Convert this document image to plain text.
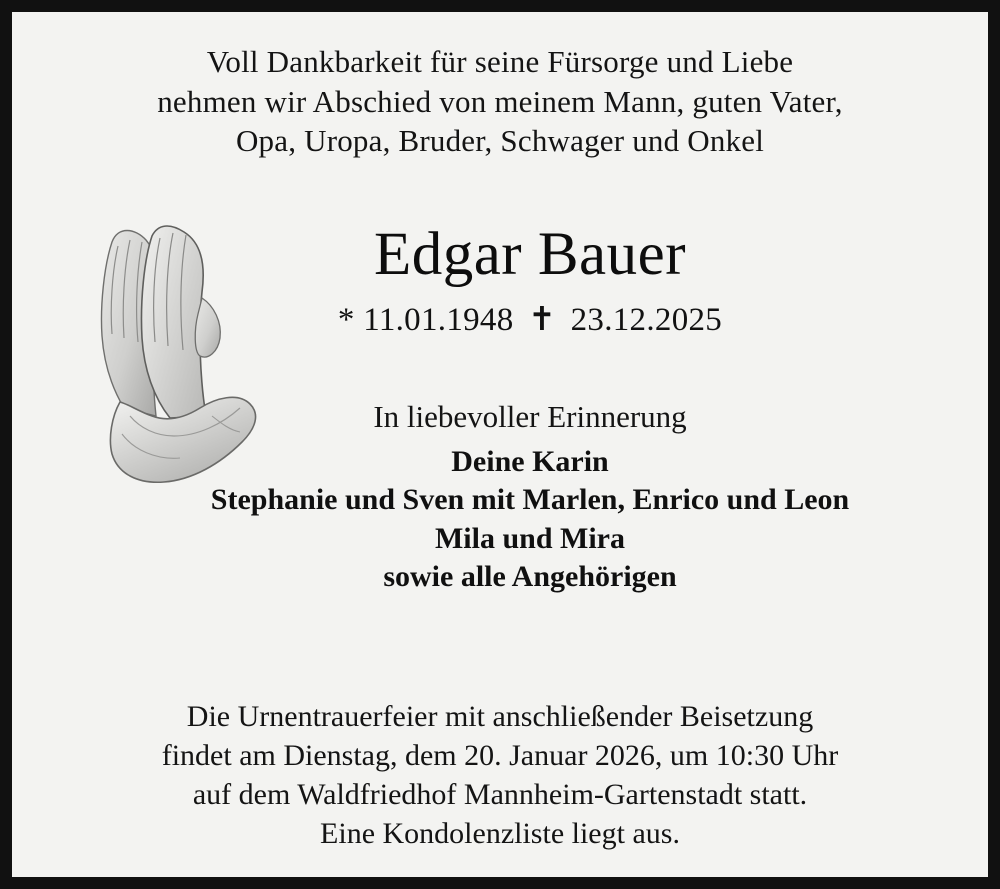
Voll Dankbarkeit für seine Fürsorge und Liebe
nehmen wir Abschied von meinem Mann, guten Vater,
Opa, Uropa, Bruder, Schwager und Onkel
Edgar Bauer
* 11.01.1948 ✝ 23.12.2025
In liebevoller Erinnerung
Deine Karin
Stephanie und Sven mit Marlen, Enrico und Leon
Mila und Mira
sowie alle Angehörigen
Die Urnentrauerfeier mit anschließender Beisetzung
findet am Dienstag, dem 20. Januar 2026, um 10:30 Uhr
auf dem Waldfriedhof Mannheim-Gartenstadt statt.
Eine Kondolenzliste liegt aus.
